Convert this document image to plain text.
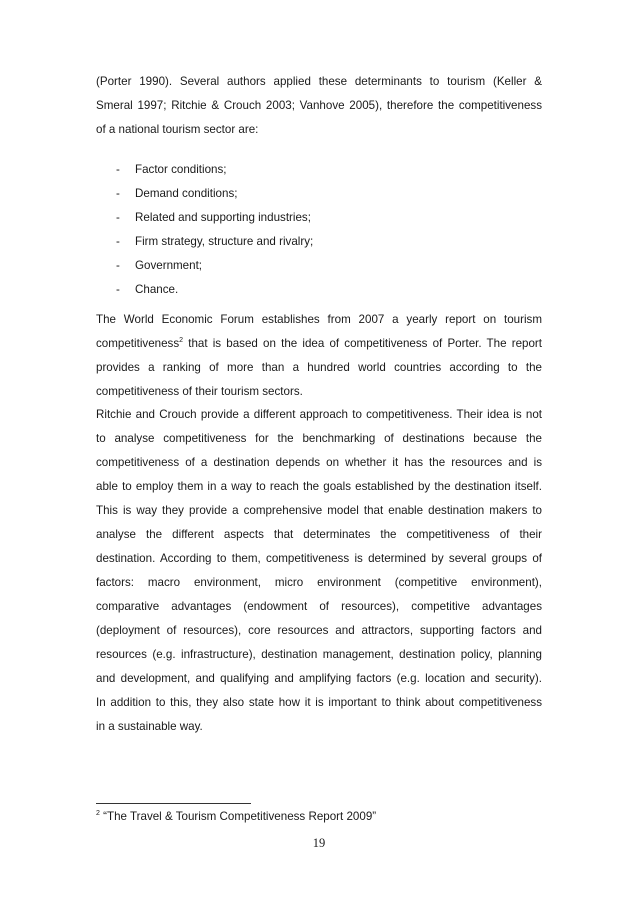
(Porter 1990). Several authors applied these determinants to tourism (Keller &
Smeral 1997; Ritchie & Crouch 2003; Vanhove 2005), therefore the competitiveness
of a national tourism sector are:

- Factor conditions;
- Demand conditions;
- Related and supporting industries;
- Firm strategy, structure and rivalry;
- Government;
- Chance.

The World Economic Forum establishes from 2007 a yearly report on tourism
competitiveness$^2$ that is based on the idea of competitiveness of Porter. The report
provides a ranking of more than a hundred world countries according to the
competitiveness of their tourism sectors.

Ritchie and Crouch provide a different approach to competitiveness. Their idea is not
to analyse competitiveness for the benchmarking of destinations because the
competitiveness of a destination depends on whether it has the resources and is
able to employ them in a way to reach the goals established by the destination itself.
This is way they provide a comprehensive model that enable destination makers to
analyse the different aspects that determinates the competitiveness of their
destination. According to them, competitiveness is determined by several groups of
factors: macro environment, micro environment (competitive environment),
comparative advantages (endowment of resources), competitive advantages
(deployment of resources), core resources and attractors, supporting factors and
resources (e.g. infrastructure), destination management, destination policy, planning
and development, and qualifying and amplifying factors (e.g. location and security).
In addition to this, they also state how it is important to think about competitiveness
in a sustainable way.

$^2$ “The Travel & Tourism Competitiveness Report 2009”
19
